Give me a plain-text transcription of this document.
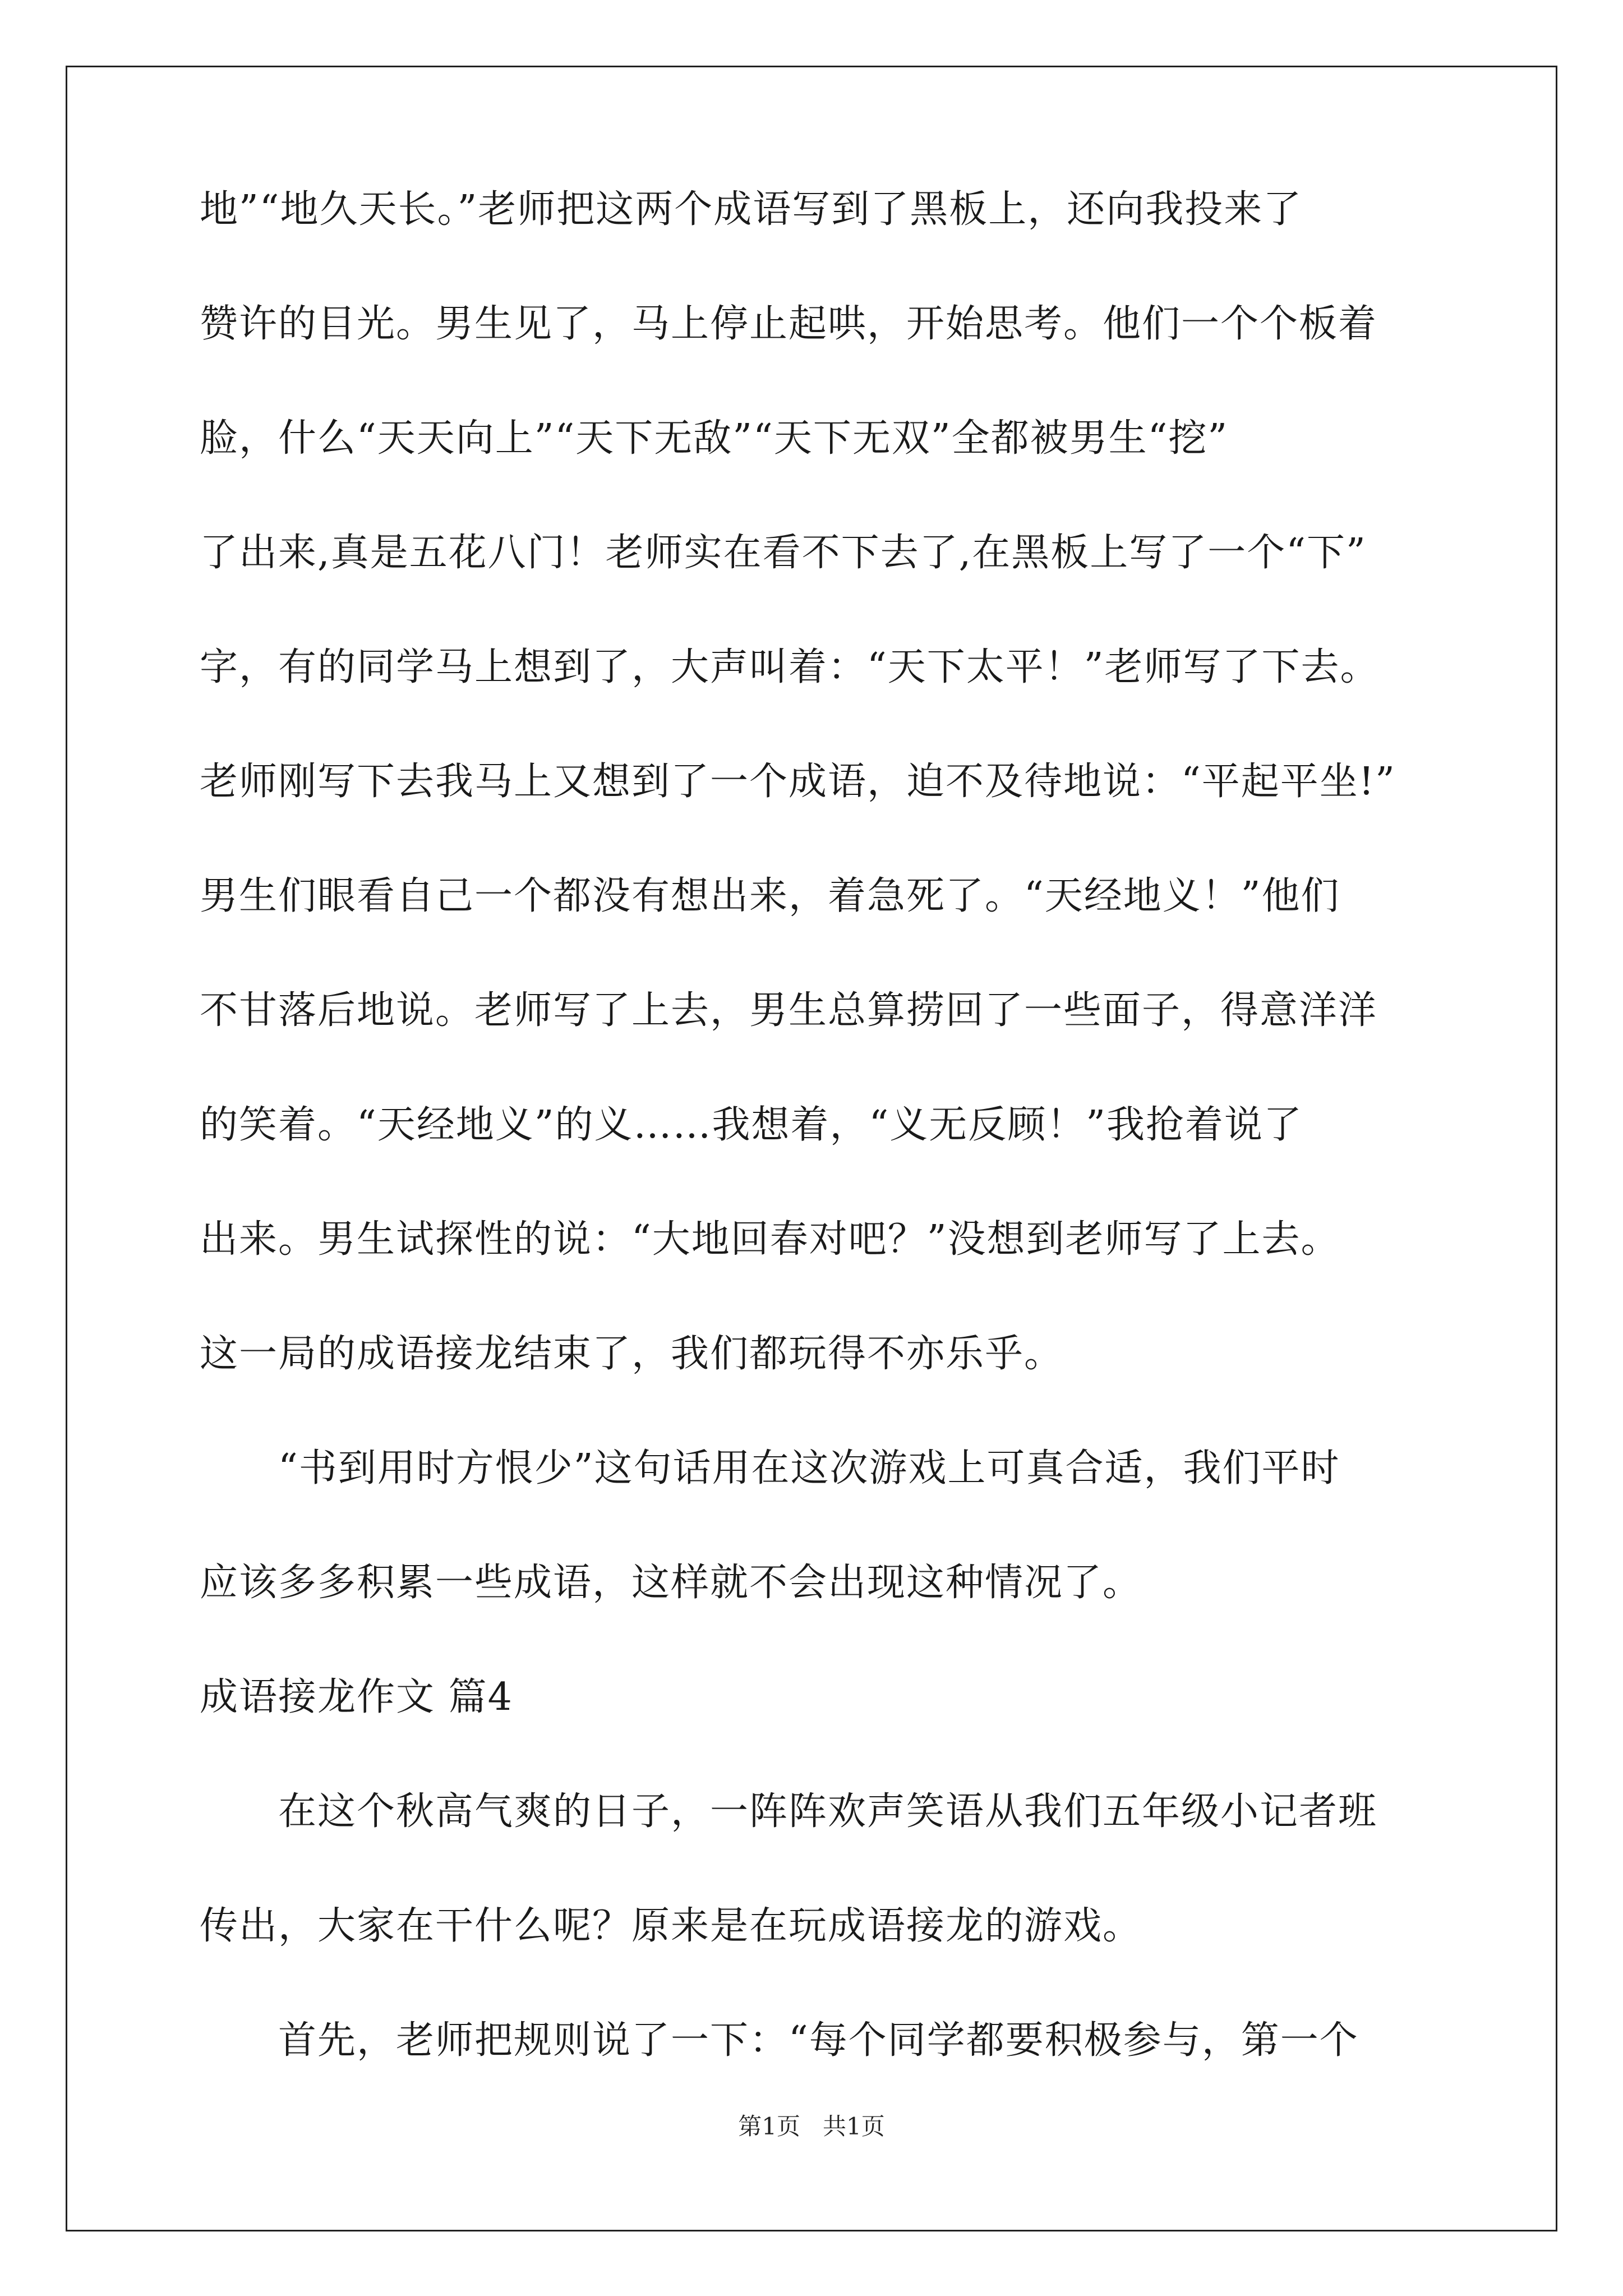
地”“地久天长。”老师把这两个成语写到了黑板上，还向我投来了
赞许的目光。男生见了，马上停止起哄，开始思考。他们一个个板着
脸，什么“天天向上”“天下无敌”“天下无双”全都被男生“挖”
了出来,真是五花八门！老师实在看不下去了,在黑板上写了一个“下”
字，有的同学马上想到了，大声叫着：“天下太平！”老师写了下去。
老师刚写下去我马上又想到了一个成语，迫不及待地说：“平起平坐!”
男生们眼看自己一个都没有想出来，着急死了。“天经地义！”他们
不甘落后地说。老师写了上去，男生总算捞回了一些面子，得意洋洋
的笑着。“天经地义”的义……我想着，“义无反顾！”我抢着说了
出来。男生试探性的说：“大地回春对吧？”没想到老师写了上去。
这一局的成语接龙结束了，我们都玩得不亦乐乎。
“书到用时方恨少”这句话用在这次游戏上可真合适，我们平时
应该多多积累一些成语，这样就不会出现这种情况了。
成语接龙作文 篇4
在这个秋高气爽的日子，一阵阵欢声笑语从我们五年级小记者班
传出，大家在干什么呢？原来是在玩成语接龙的游戏。
首先，老师把规则说了一下：“每个同学都要积极参与，第一个
第1页 共1页
